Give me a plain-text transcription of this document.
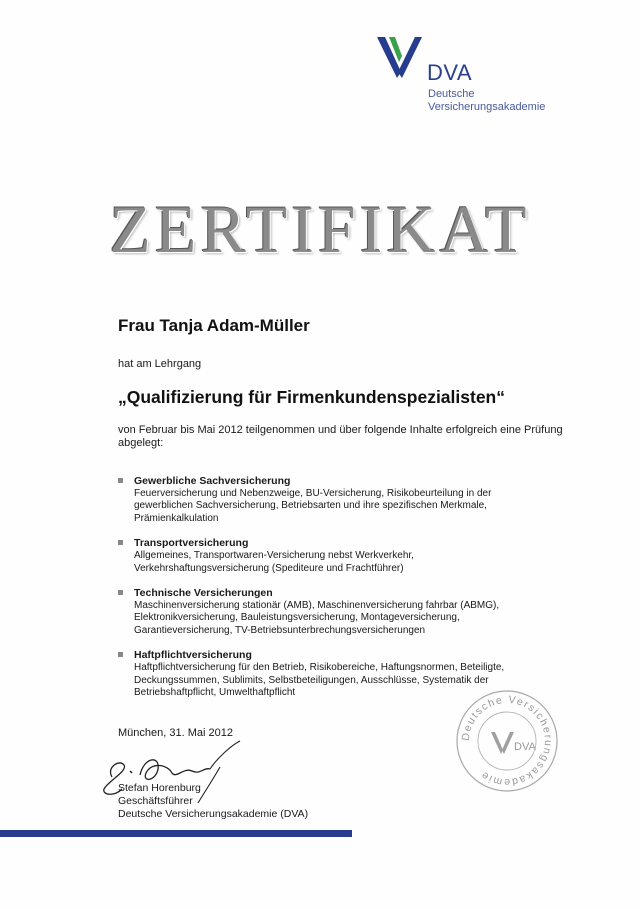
DVA
Deutsche
Versicherungsakademie
ZERTIFIKAT
Frau Tanja Adam-Müller
hat am Lehrgang
„Qualifizierung für Firmenkundenspezialisten“
von Februar bis Mai 2012 teilgenommen und über folgende Inhalte erfolgreich eine Prüfung abgelegt:
Gewerbliche Sachversicherung
Feuerversicherung und Nebenzweige, BU-Versicherung, Risikobeurteilung in der gewerblichen Sachversicherung, Betriebsarten und ihre spezifischen Merkmale, Prämienkalkulation
Transportversicherung
Allgemeines, Transportwaren-Versicherung nebst Werkverkehr, Verkehrshaftungsversicherung (Spediteure und Frachtführer)
Technische Versicherungen
Maschinenversicherung stationär (AMB), Maschinenversicherung fahrbar (ABMG), Elektronikversicherung, Bauleistungsversicherung, Montageversicherung, Garantieversicherung, TV-Betriebsunterbrechungsversicherungen
Haftpflichtversicherung
Haftpflichtversicherung für den Betrieb, Risikobereiche, Haftungsnormen, Beteiligte, Deckungssummen, Sublimits, Selbstbeteiligungen, Ausschlüsse, Systematik der Betriebshaftpflicht, Umwelthaftpflicht
München, 31. Mai 2012
Stefan Horenburg
Geschäftsführer
Deutsche Versicherungsakademie (DVA)
Deutsche Versicherungsakademie
DVA
